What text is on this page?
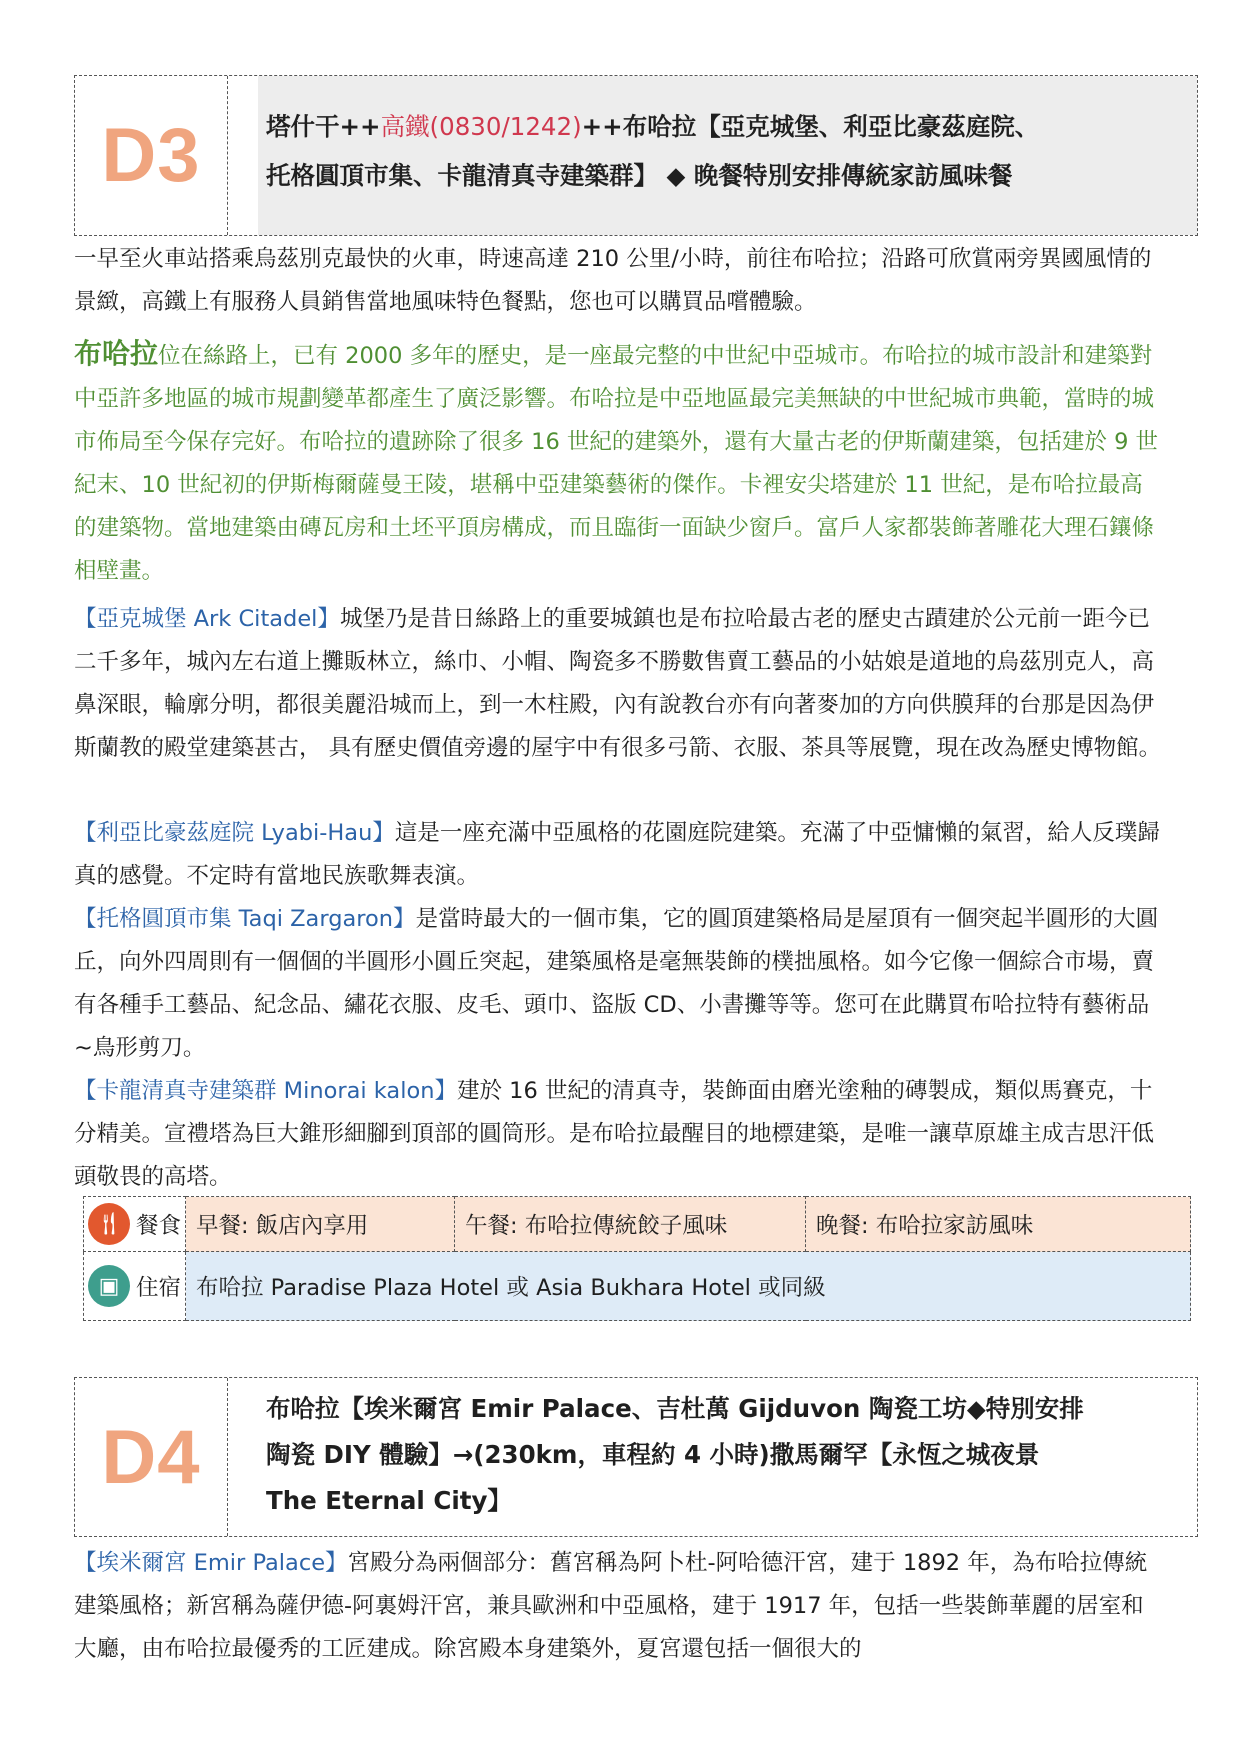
D3	塔什干++高鐵(0830/1242)++布哈拉【亞克城堡、利亞比豪茲庭院、
托格圓頂市集、卡龍清真寺建築群】 ◆ 晚餐特別安排傳統家訪風味餐

一早至火車站搭乘烏茲別克最快的火車，時速高達 210 公里/小時，前往布哈拉；沿路可欣賞兩旁異國風情的景緻，高鐵上有服務人員銷售當地風味特色餐點，您也可以購買品嚐體驗。

布哈拉位在絲路上，已有 2000 多年的歷史，是一座最完整的中世紀中亞城市。布哈拉的城市設計和建築對中亞許多地區的城市規劃變革都產生了廣泛影響。布哈拉是中亞地區最完美無缺的中世紀城市典範，當時的城市佈局至今保存完好。布哈拉的遺跡除了很多 16 世紀的建築外，還有大量古老的伊斯蘭建築，包括建於 9 世紀末、10 世紀初的伊斯梅爾薩曼王陵，堪稱中亞建築藝術的傑作。卡裡安尖塔建於 11 世紀，是布哈拉最高的建築物。當地建築由磚瓦房和土坯平頂房構成，而且臨街一面缺少窗戶。富戶人家都裝飾著雕花大理石鑲條相壁畫。

【亞克城堡 Ark Citadel】城堡乃是昔日絲路上的重要城鎮也是布拉哈最古老的歷史古蹟建於公元前一距今已二千多年，城內左右道上攤販林立，絲巾、小帽、陶瓷多不勝數售賣工藝品的小姑娘是道地的烏茲別克人，高鼻深眼，輪廓分明，都很美麗沿城而上，到一木柱殿，內有說教台亦有向著麥加的方向供膜拜的台那是因為伊斯蘭教的殿堂建築甚古， 具有歷史價值旁邊的屋宇中有很多弓箭、衣服、茶具等展覽，現在改為歷史博物館。

【利亞比豪茲庭院 Lyabi-Hau】這是一座充滿中亞風格的花園庭院建築。充滿了中亞慵懶的氣習，給人反璞歸真的感覺。不定時有當地民族歌舞表演。

【托格圓頂市集 Taqi Zargaron】是當時最大的一個市集，它的圓頂建築格局是屋頂有一個突起半圓形的大圓丘，向外四周則有一個個的半圓形小圓丘突起，建築風格是毫無裝飾的樸拙風格。如今它像一個綜合市場，賣有各種手工藝品、紀念品、繡花衣服、皮毛、頭巾、盜版 CD、小書攤等等。您可在此購買布哈拉特有藝術品~鳥形剪刀。

【卡龍清真寺建築群 Minorai kalon】建於 16 世紀的清真寺，裝飾面由磨光塗釉的磚製成，類似馬賽克，十分精美。宣禮塔為巨大錐形細腳到頂部的圓筒形。是布哈拉最醒目的地標建築，是唯一讓草原雄主成吉思汗低頭敬畏的高塔。

🍴︎ 餐食	早餐: 飯店內享用	午餐: 布哈拉傳統餃子風味	晚餐: 布哈拉家訪風味
▣ 住宿	布哈拉 Paradise Plaza Hotel 或 Asia Bukhara Hotel 或同級		
D4
布哈拉【埃米爾宮 Emir Palace、吉杜萬 Gijduvon 陶瓷工坊◆特別安排
陶瓷 DIY 體驗】→(230km，車程約 4 小時)撒馬爾罕【永恆之城夜景
The Eternal City】

【埃米爾宮 Emir Palace】宮殿分為兩個部分：舊宮稱為阿卜杜-阿哈德汗宮，建于 1892 年，為布哈拉傳統建築風格；新宮稱為薩伊德-阿裏姆汗宮，兼具歐洲和中亞風格，建于 1917 年，包括一些裝飾華麗的居室和大廳，由布哈拉最優秀的工匠建成。除宮殿本身建築外，夏宮還包括一個很大的
